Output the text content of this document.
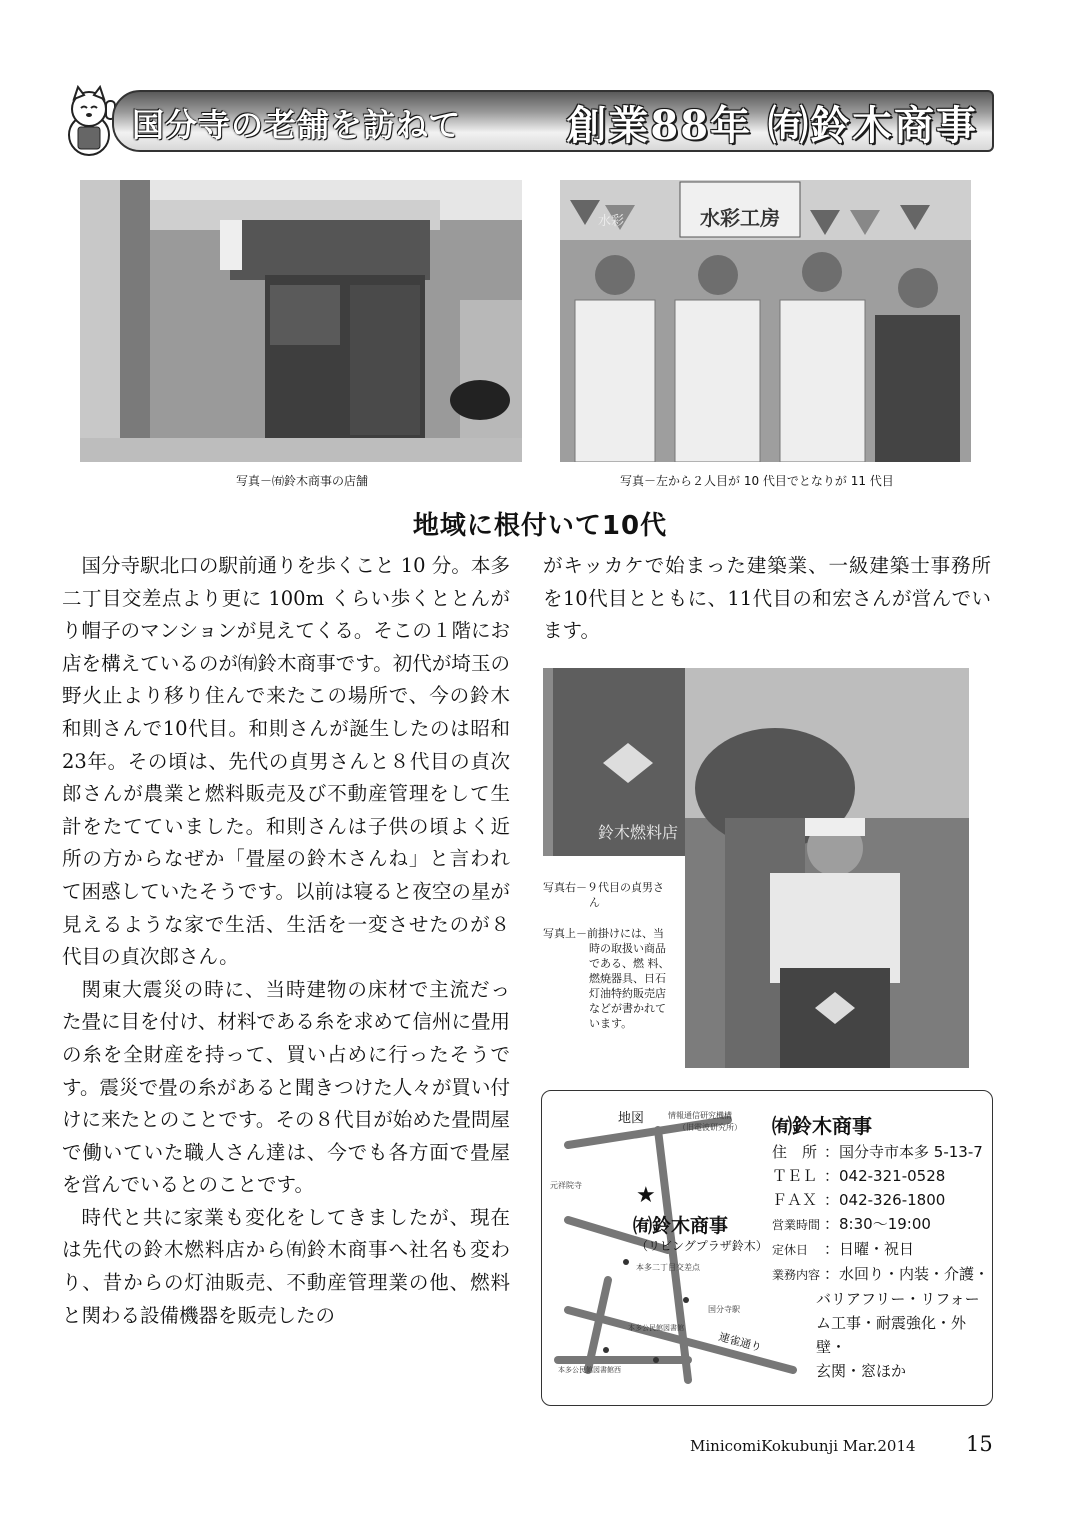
国分寺の老舗を訪ねて	創業88年 ㈲鈴木商事
写真－㈲鈴木商事の店舗
水彩工房
水彩
写真－左から２人目が 10 代目でとなりが 11 代目
地域に根付いて10代

国分寺駅北口の駅前通りを歩くこと 10 分。本多二丁目交差点より更に 100m くらい歩くととんがり帽子のマンションが見えてくる。そこの１階にお店を構えているのが㈲鈴木商事です。初代が埼玉の野火止より移り住んで来たこの場所で、今の鈴木和則さんで10代目。和則さんが誕生したのは昭和23年。その頃は、先代の貞男さんと８代目の貞次郎さんが農業と燃料販売及び不動産管理をして生計をたてていました。和則さんは子供の頃よく近所の方からなぜか「畳屋の鈴木さんね」と言われて困惑していたそうです。以前は寝ると夜空の星が見えるような家で生活、生活を一変させたのが８代目の貞次郎さん。

関東大震災の時に、当時建物の床材で主流だった畳に目を付け、材料である糸を求めて信州に畳用の糸を全財産を持って、買い占めに行ったそうです。震災で畳の糸があると聞きつけた人々が買い付けに来たとのことです。その８代目が始めた畳問屋で働いていた職人さん達は、今でも各方面で畳屋を営んでいるとのことです。

時代と共に家業も変化をしてきましたが、現在は先代の鈴木燃料店から㈲鈴木商事へ社名も変わり、昔からの灯油販売、不動産管理業の他、燃料と関わる設備機器を販売したの

がキッカケで始まった建築業、一級建築士事務所を10代目とともに、11代目の和宏さんが営んでいます。

鈴木燃料店
写真右－９代目の貞男さ
ん
写真上－前掛けには、当
時の取扱い商品
である、燃 料、
燃焼器具、日石
灯油特約販売店
などが書かれて
います。
地図	情報通信研究機構
（旧電波研究所）
元祥院寺 ★
㈲鈴木商事
（リビングプラザ鈴木）
本多二丁目交差点
国分寺駅
連雀通り
本多公民館図書館西
本多公民館図書館
㈲鈴木商事
住　所 ：国分寺市本多 5-13-7
ＴＥＬ ：042-321-0528
ＦＡＸ ：042-326-1800
営業時間 ：8:30～19:00
定休日 ：日曜・祝日
業務内容 ：水回り・内装・介護・
バリアフリー・リフォー
ム工事・耐震強化・外壁・
玄関・窓ほか
MinicomiKokubunji Mar.2014 15
